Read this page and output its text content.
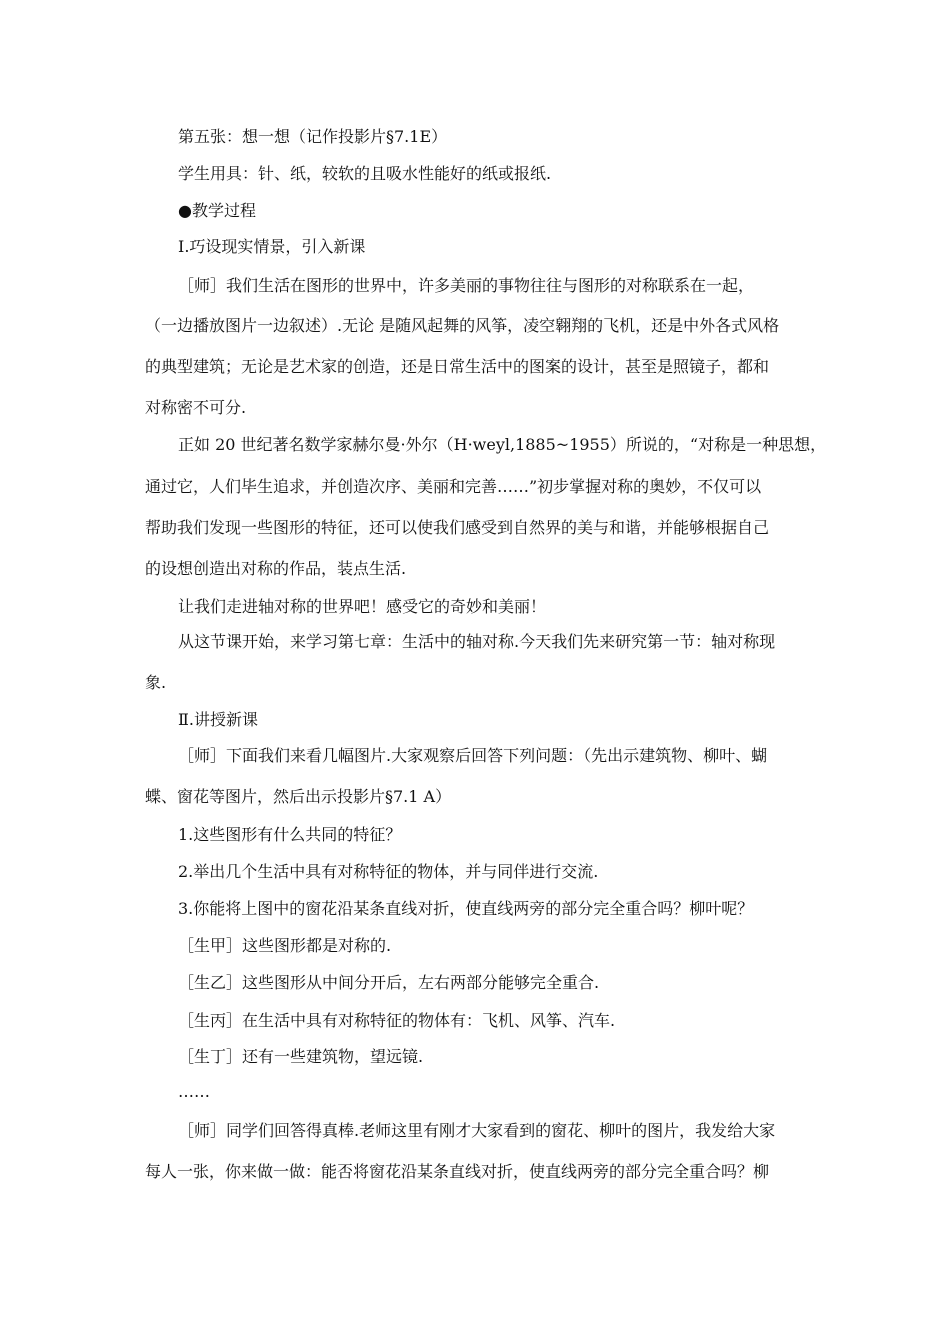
第五张：想一想（记作投影片§7.1E）
学生用具：针、纸，较软的且吸水性能好的纸或报纸.
●教学过程
Ⅰ.巧设现实情景，引入新课
［师］我们生活在图形的世界中，许多美丽的事物往往与图形的对称联系在一起，
（一边播放图片一边叙述）.无论 是随风起舞的风筝，凌空翱翔的飞机，还是中外各式风格
的典型建筑；无论是艺术家的创造，还是日常生活中的图案的设计，甚至是照镜子，都和
对称密不可分.
正如 20 世纪著名数学家赫尔曼·外尔（H·weyl,1885~1955）所说的，“对称是一种思想，
通过它，人们毕生追求，并创造次序、美丽和完善……”初步掌握对称的奥妙，不仅可以
帮助我们发现一些图形的特征，还可以使我们感受到自然界的美与和谐，并能够根据自己
的设想创造出对称的作品，装点生活.
让我们走进轴对称的世界吧！感受它的奇妙和美丽！
从这节课开始，来学习第七章：生活中的轴对称.今天我们先来研究第一节：轴对称现
象.
Ⅱ.讲授新课
［师］下面我们来看几幅图片.大家观察后回答下列问题：（先出示建筑物、柳叶、蝴
蝶、窗花等图片，然后出示投影片§7.1 A）
1.这些图形有什么共同的特征？
2.举出几个生活中具有对称特征的物体，并与同伴进行交流.
3.你能将上图中的窗花沿某条直线对折，使直线两旁的部分完全重合吗？柳叶呢？
［生甲］这些图形都是对称的.
［生乙］这些图形从中间分开后，左右两部分能够完全重合.
［生丙］在生活中具有对称特征的物体有：飞机、风筝、汽车.
［生丁］还有一些建筑物，望远镜.
……
［师］同学们回答得真棒.老师这里有刚才大家看到的窗花、柳叶的图片，我发给大家
每人一张，你来做一做：能否将窗花沿某条直线对折，使直线两旁的部分完全重合吗？柳
